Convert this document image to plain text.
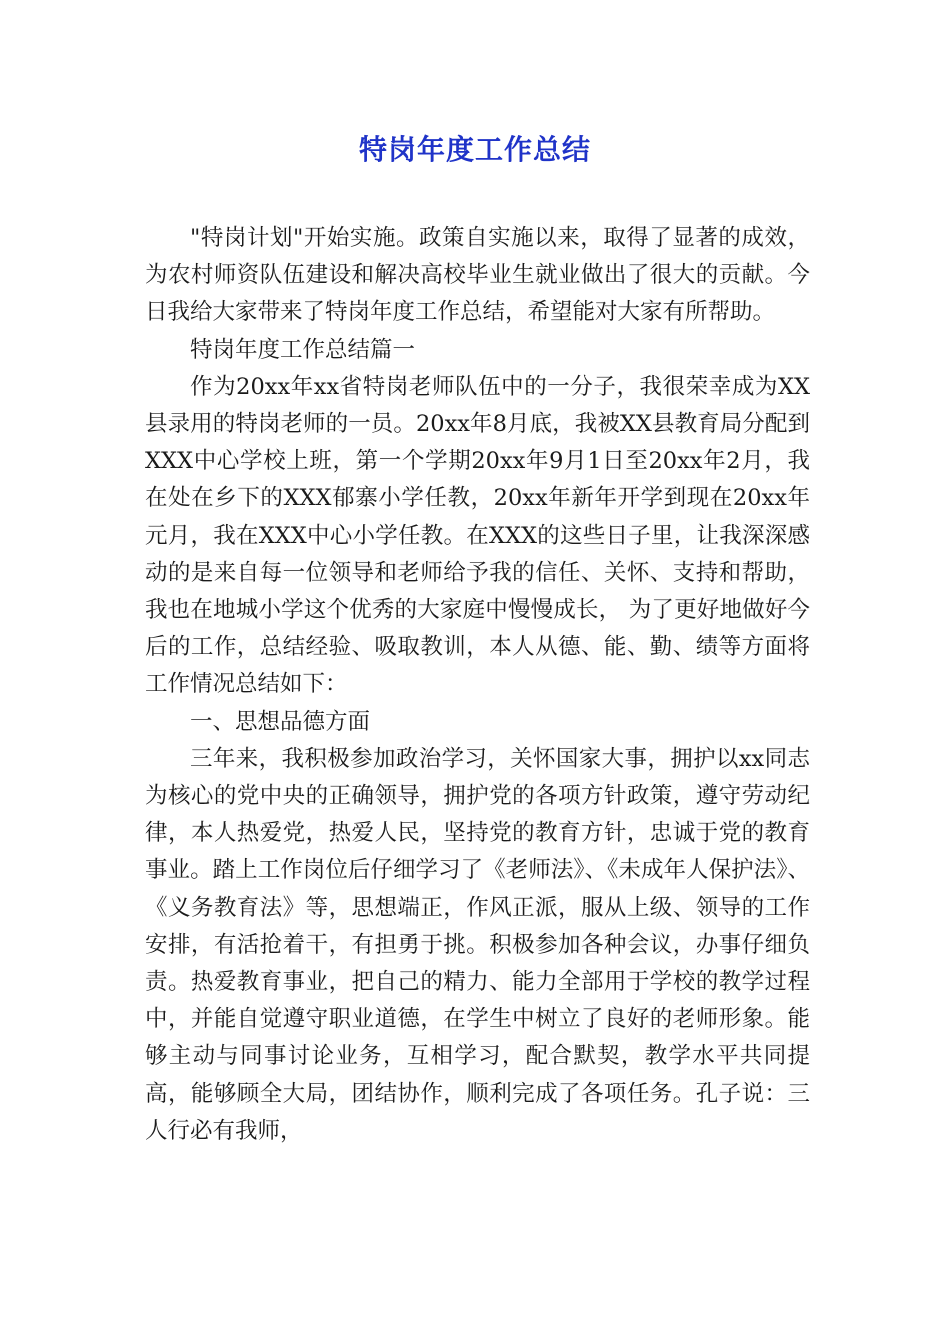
特岗年度工作总结

"特岗计划"开始实施。政策自实施以来，取得了显著的成效，为农村师资队伍建设和解决高校毕业生就业做出了很大的贡献。今日我给大家带来了特岗年度工作总结，希望能对大家有所帮助。

特岗年度工作总结篇一

作为20xx年xx省特岗老师队伍中的一分子，我很荣幸成为XX县录用的特岗老师的一员。20xx年8月底，我被XX县教育局分配到XXX中心学校上班，第一个学期20xx年9月1日至20xx年2月，我在处在乡下的XXX郁寨小学任教，20xx年新年开学到现在20xx年元月，我在XXX中心小学任教。在XXX的这些日子里，让我深深感动的是来自每一位领导和老师给予我的信任、关怀、支持和帮助，我也在地城小学这个优秀的大家庭中慢慢成长， 为了更好地做好今后的工作，总结经验、吸取教训，本人从德、能、勤、绩等方面将工作情况总结如下：

一、思想品德方面

三年来，我积极参加政治学习，关怀国家大事，拥护以xx同志为核心的党中央的正确领导，拥护党的各项方针政策，遵守劳动纪律，本人热爱党，热爱人民，坚持党的教育方针，忠诚于党的教育事业。踏上工作岗位后仔细学习了《老师法》、《未成年人保护法》、《义务教育法》等，思想端正，作风正派，服从上级、领导的工作安排，有活抢着干，有担勇于挑。积极参加各种会议，办事仔细负责。热爱教育事业，把自己的精力、能力全部用于学校的教学过程中，并能自觉遵守职业道德，在学生中树立了良好的老师形象。能够主动与同事讨论业务，互相学习，配合默契，教学水平共同提高，能够顾全大局，团结协作，顺利完成了各项任务。孔子说：三人行必有我师，
